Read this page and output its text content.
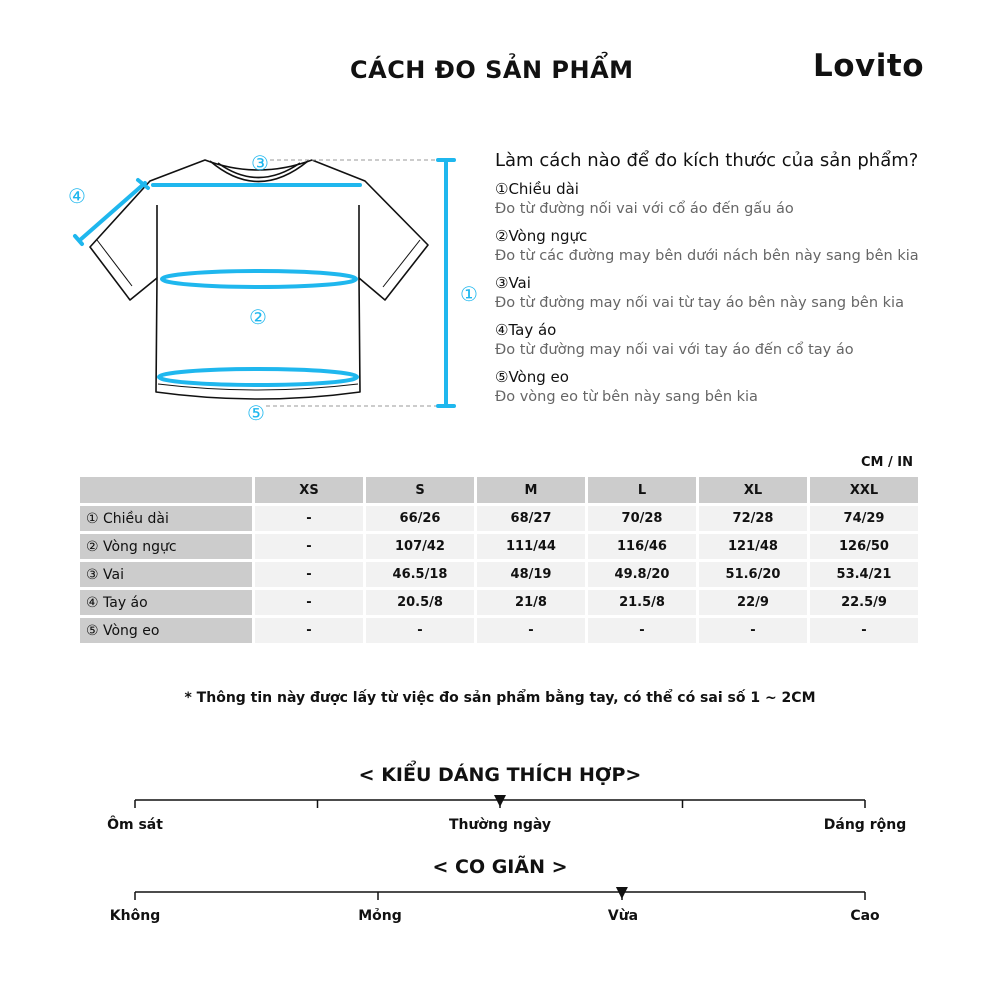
CÁCH ĐO SẢN PHẨM	Lovito
①
②
③
④
⑤
Làm cách nào để đo kích thước của sản phẩm?
①Chiều dài
Đo từ đường nối vai với cổ áo đến gấu áo
②Vòng ngực
Đo từ các đường may bên dưới nách bên này sang bên kia
③Vai
Đo từ đường may nối vai từ tay áo bên này sang bên kia
④Tay áo
Đo từ đường may nối vai với tay áo đến cổ tay áo
⑤Vòng eo
Đo vòng eo từ bên này sang bên kia
CM / IN
	XS	S	M	L	XL	XXL
① Chiều dài	-	66/26	68/27	70/28	72/28	74/29
② Vòng ngực	-	107/42	111/44	116/46	121/48	126/50
③ Vai	-	46.5/18	48/19	49.8/20	51.6/20	53.4/21
④ Tay áo	-	20.5/8	21/8	21.5/8	22/9	22.5/9
⑤ Vòng eo	-	-	-	-	-	-
* Thông tin này được lấy từ việc đo sản phẩm bằng tay, có thể có sai số 1 ~ 2CM
< KIỂU DÁNG THÍCH HỢP>
Ôm sát	Thường ngày	Dáng rộng
< CO GIÃN >
Không	Mỏng	Vừa	Cao
